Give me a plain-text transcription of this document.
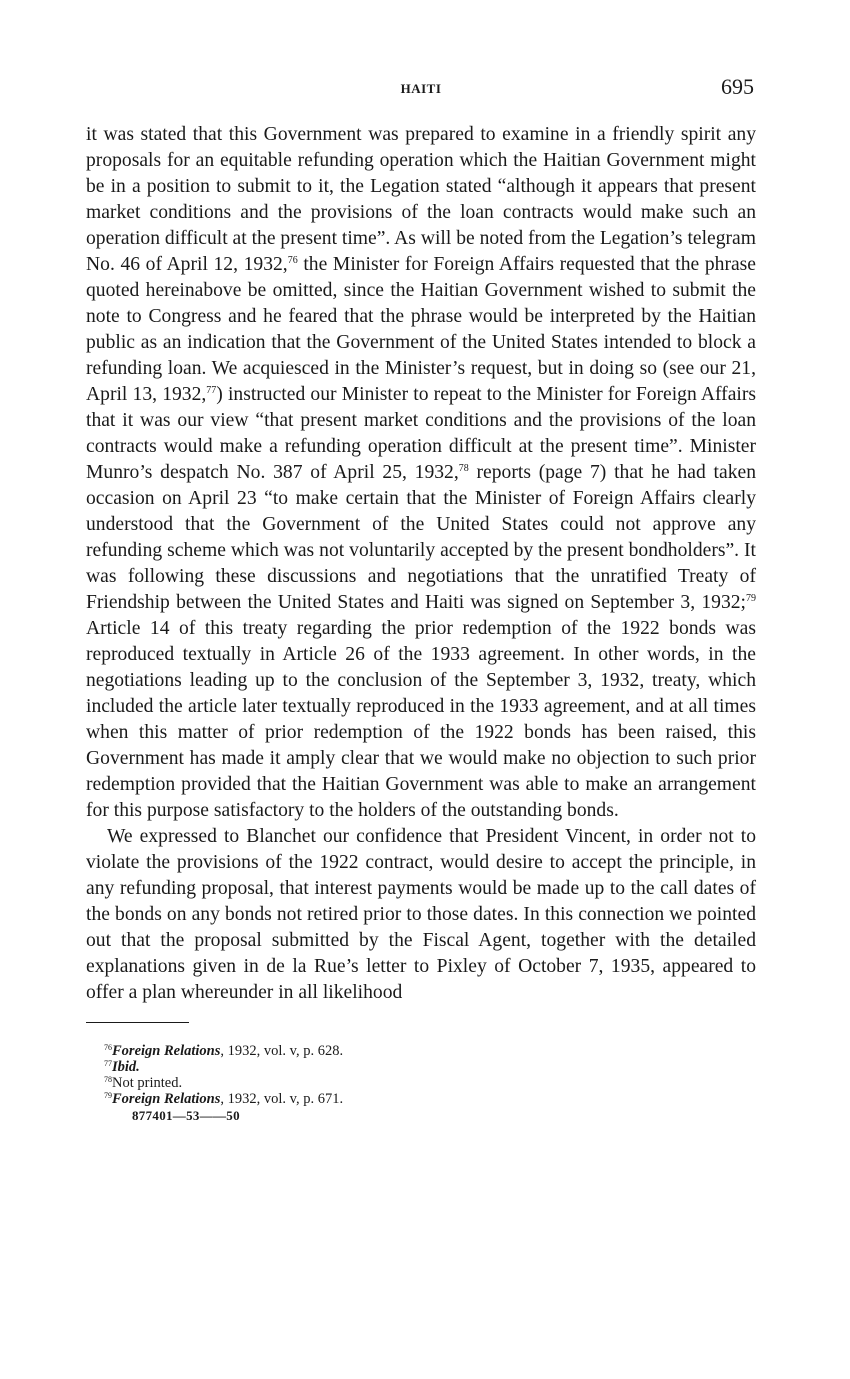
HAITI	695

it was stated that this Government was prepared to examine in a friendly spirit any proposals for an equitable refunding operation which the Haitian Government might be in a position to submit to it, the Legation stated “although it appears that present market conditions and the provisions of the loan contracts would make such an operation difficult at the present time”. As will be noted from the Legation’s telegram No. 46 of April 12, 1932,76 the Minister for Foreign Affairs requested that the phrase quoted hereinabove be omitted, since the Haitian Government wished to submit the note to Congress and he feared that the phrase would be interpreted by the Haitian public as an indication that the Government of the United States intended to block a refunding loan. We acquiesced in the Minister’s request, but in doing so (see our 21, April 13, 1932,77) instructed our Minister to repeat to the Minister for Foreign Affairs that it was our view “that present market conditions and the provisions of the loan contracts would make a refunding operation difficult at the present time”. Minister Munro’s despatch No. 387 of April 25, 1932,78 reports (page 7) that he had taken occasion on April 23 “to make certain that the Minister of Foreign Affairs clearly understood that the Government of the United States could not approve any refunding scheme which was not voluntarily accepted by the present bondholders”. It was following these discussions and negotiations that the unratified Treaty of Friendship between the United States and Haiti was signed on September 3, 1932;$^{79}$ Article 14 of this treaty regarding the prior redemption of the 1922 bonds was reproduced textually in Article 26 of the 1933 agreement. In other words, in the negotiations leading up to the conclusion of the September 3, 1932, treaty, which included the article later textually reproduced in the 1933 agreement, and at all times when this matter of prior redemption of the 1922 bonds has been raised, this Government has made it amply clear that we would make no objection to such prior redemption provided that the Haitian Government was able to make an arrangement for this purpose satisfactory to the holders of the outstanding bonds.

We expressed to Blanchet our confidence that President Vincent, in order not to violate the provisions of the 1922 contract, would desire to accept the principle, in any refunding proposal, that interest payments would be made up to the call dates of the bonds on any bonds not retired prior to those dates. In this connection we pointed out that the proposal submitted by the Fiscal Agent, together with the detailed explanations given in de la Rue’s letter to Pixley of October 7, 1935, appeared to offer a plan whereunder in all likelihood

$^{76}$Foreign Relations, 1932, vol. v, p. 628.
$^{77}$Ibid.
$^{78}$Not printed.
$^{79}$Foreign Relations, 1932, vol. v, p. 671.
877401—53——50
